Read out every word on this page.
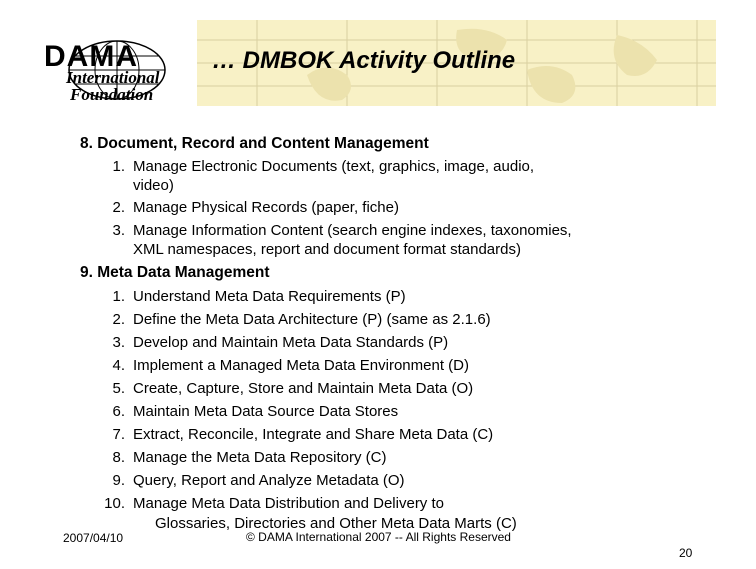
… DMBOK Activity Outline
DAMA
International
Foundation
8. Document, Record and Content Management
1. Manage Electronic Documents (text, graphics, image, audio,
video)
2. Manage Physical Records (paper, fiche)
3. Manage Information Content (search engine indexes, taxonomies,
XML namespaces, report and document format standards)
9. Meta Data Management
1. Understand Meta Data Requirements (P)
2. Define the Meta Data Architecture (P) (same as 2.1.6)
3. Develop and Maintain Meta Data Standards (P)
4. Implement a Managed Meta Data Environment (D)
5. Create, Capture, Store and Maintain Meta Data (O)
6. Maintain Meta Data Source Data Stores
7. Extract, Reconcile, Integrate and Share Meta Data (C)
8. Manage the Meta Data Repository (C)
9. Query, Report and Analyze Metadata (O)
10. Manage Meta Data Distribution and Delivery to
Glossaries, Directories and Other Meta Data Marts (C)
2007/04/10	© DAMA International 2007 -- All Rights Reserved
20
